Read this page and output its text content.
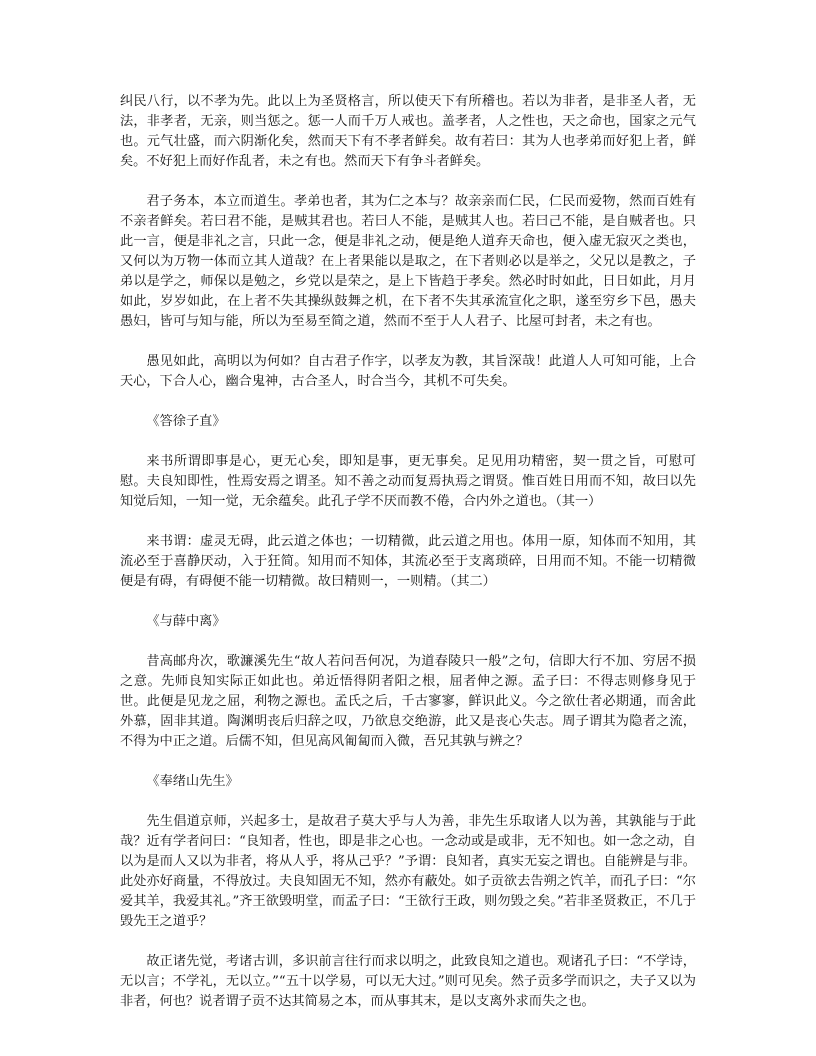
纠民八行，以不孝为先。此以上为圣贤格言，所以使天下有所稽也。若以为非者，是非圣人者，无法，非孝者，无亲，则当惩之。惩一人而千万人戒也。盖孝者，人之性也，天之命也，国家之元气也。元气壮盛，而六阴渐化矣，然而天下有不孝者鲜矣。故有若曰：其为人也孝弟而好犯上者，鲜矣。不好犯上而好作乱者，未之有也。然而天下有争斗者鲜矣。

君子务本，本立而道生。孝弟也者，其为仁之本与？故亲亲而仁民，仁民而爱物，然而百姓有不亲者鲜矣。若曰君不能，是贼其君也。若曰人不能，是贼其人也。若曰己不能，是自贼者也。只此一言，便是非礼之言，只此一念，便是非礼之动，便是绝人道弃天命也，便入虚无寂灭之类也，又何以为万物一体而立其人道哉？在上者果能以是取之，在下者则必以是举之，父兄以是教之，子弟以是学之，师保以是勉之，乡党以是荣之，是上下皆趋于孝矣。然必时时如此，日日如此，月月如此，岁岁如此，在上者不失其操纵鼓舞之机，在下者不失其承流宣化之职，遂至穷乡下邑，愚夫愚妇，皆可与知与能，所以为至易至简之道，然而不至于人人君子、比屋可封者，未之有也。

愚见如此，高明以为何如？自古君子作字，以孝友为教，其旨深哉！此道人人可知可能，上合天心，下合人心，幽合鬼神，古合圣人，时合当今，其机不可失矣。

《答徐子直》

来书所谓即事是心，更无心矣，即知是事，更无事矣。足见用功精密，契一贯之旨，可慰可慰。夫良知即性，性焉安焉之谓圣。知不善之动而复焉执焉之谓贤。惟百姓日用而不知，故曰以先知觉后知，一知一觉，无余蕴矣。此孔子学不厌而教不倦，合内外之道也。（其一）

来书谓：虚灵无碍，此云道之体也；一切精微，此云道之用也。体用一原，知体而不知用，其流必至于喜静厌动，入于狂简。知用而不知体，其流必至于支离琐碎，日用而不知。不能一切精微便是有碍，有碍便不能一切精微。故曰精则一，一则精。（其二）

《与薛中离》

昔高邮舟次，歌濂溪先生“故人若问吾何况，为道春陵只一般”之句，信即大行不加、穷居不损之意。先师良知实际正如此也。弟近悟得阴者阳之根，屈者伸之源。孟子曰：不得志则修身见于世。此便是见龙之屈，利物之源也。孟氏之后，千古寥寥，鲜识此义。今之欲仕者必期通，而舍此外慕，固非其道。陶渊明丧后归辞之叹，乃欲息交绝游，此又是丧心失志。周子谓其为隐者之流，不得为中正之道。后儒不知，但见高风匍匐而入微，吾兄其孰与辨之？

《奉绪山先生》

先生倡道京师，兴起多士，是故君子莫大乎与人为善，非先生乐取诸人以为善，其孰能与于此哉？近有学者问曰：“良知者，性也，即是非之心也。一念动或是或非，无不知也。如一念之动，自以为是而人又以为非者，将从人乎，将从己乎？”予谓：良知者，真实无妄之谓也。自能辨是与非。此处亦好商量，不得放过。夫良知固无不知，然亦有蔽处。如子贡欲去告朔之饩羊，而孔子曰：“尔爱其羊，我爱其礼。”齐王欲毁明堂，而孟子曰：“王欲行王政，则勿毁之矣。”若非圣贤救正，不几于毁先王之道乎？

故正诸先觉，考诸古训，多识前言往行而求以明之，此致良知之道也。观诸孔子曰：“不学诗，无以言；不学礼，无以立。”“五十以学易，可以无大过。”则可见矣。然子贡多学而识之，夫子又以为非者，何也？说者谓子贡不达其简易之本，而从事其末，是以支离外求而失之也。
